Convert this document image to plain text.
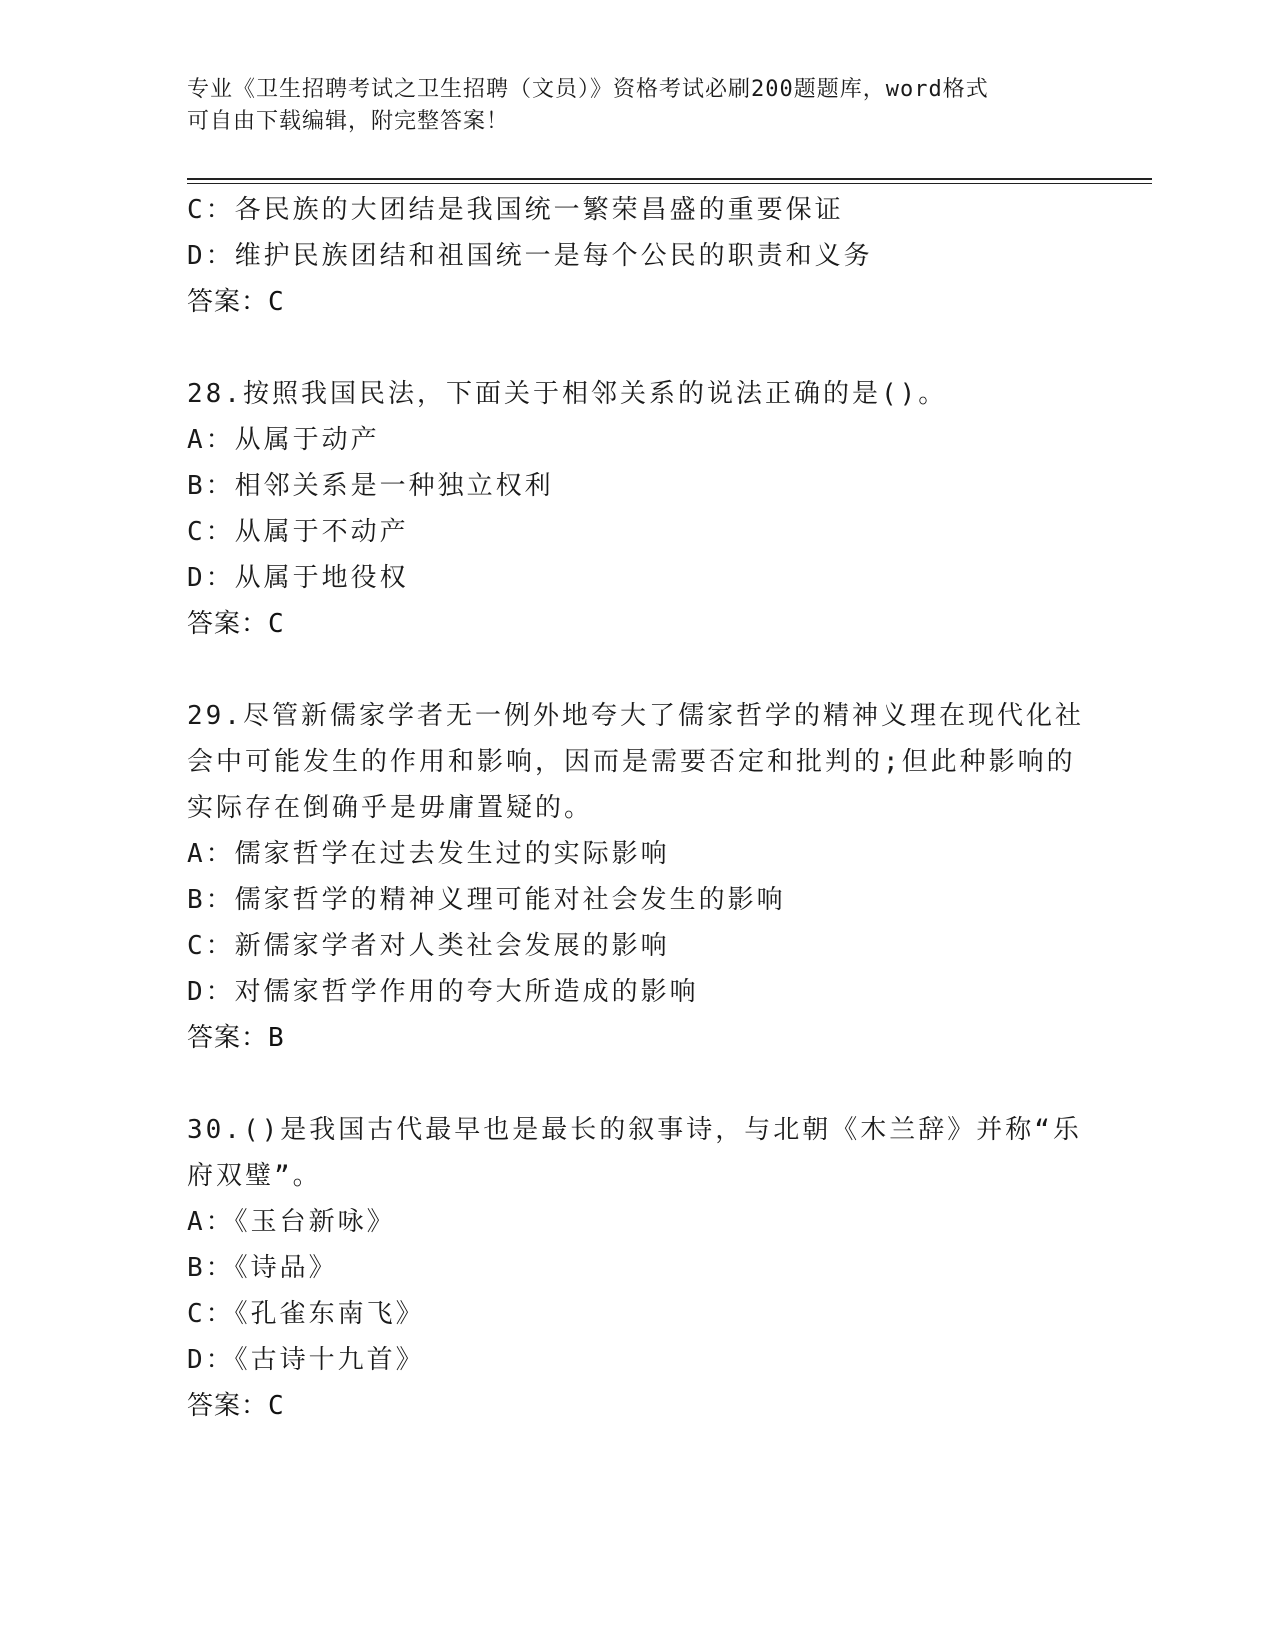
专业《卫生招聘考试之卫生招聘（文员）》资格考试必刷200题题库，word格式
可自由下载编辑，附完整答案！
C：各民族的大团结是我国统一繁荣昌盛的重要保证
D：维护民族团结和祖国统一是每个公民的职责和义务
答案：C
28.按照我国民法，下面关于相邻关系的说法正确的是()。
A：从属于动产
B：相邻关系是一种独立权利
C：从属于不动产
D：从属于地役权
答案：C
29.尽管新儒家学者无一例外地夸大了儒家哲学的精神义理在现代化社
会中可能发生的作用和影响，因而是需要否定和批判的;但此种影响的
实际存在倒确乎是毋庸置疑的。
A：儒家哲学在过去发生过的实际影响
B：儒家哲学的精神义理可能对社会发生的影响
C：新儒家学者对人类社会发展的影响
D：对儒家哲学作用的夸大所造成的影响
答案：B
30.()是我国古代最早也是最长的叙事诗，与北朝《木兰辞》并称“乐
府双璧”。
A：《玉台新咏》
B：《诗品》
C：《孔雀东南飞》
D：《古诗十九首》
答案：C
